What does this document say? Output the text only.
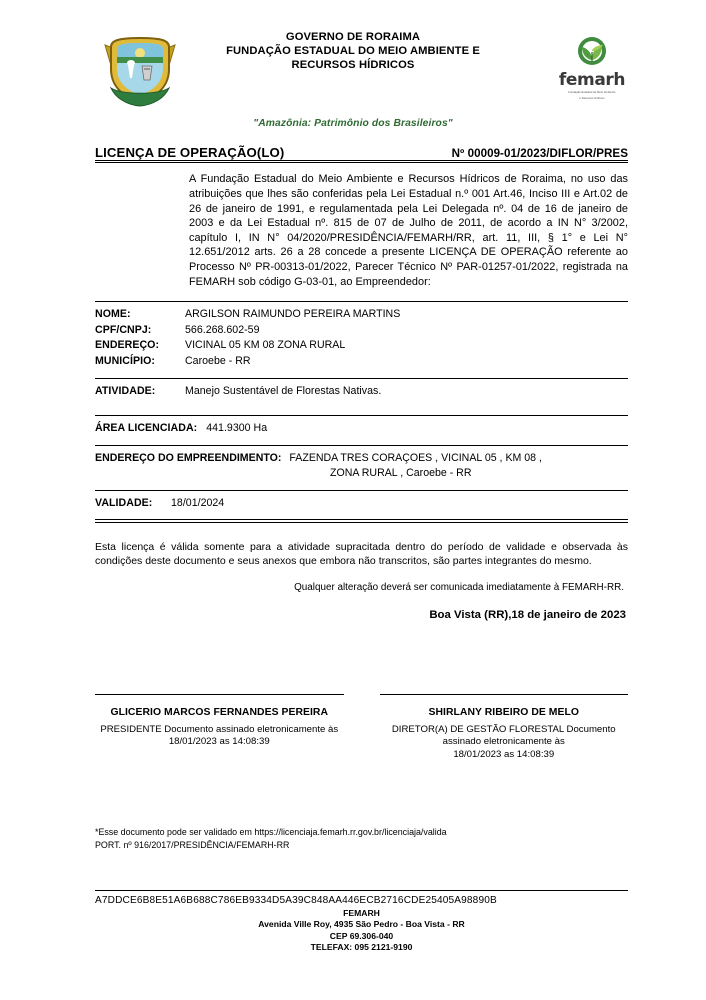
GOVERNO DE RORAIMA
FUNDAÇÃO ESTADUAL DO MEIO AMBIENTE E
RECURSOS HÍDRICOS
femarh
Fundação Estadual do Meio Ambiente
e Recursos Hídricos
"Amazônia: Patrimônio dos Brasileiros"
LICENÇA DE OPERAÇÃO(LO)	Nº 00009-01/2023/DIFLOR/PRES
A Fundação Estadual do Meio Ambiente e Recursos Hídricos de Roraima, no uso das atribuições que lhes são conferidas pela Lei Estadual n.º 001 Art.46, Inciso III e Art.02 de 26 de janeiro de 1991, e regulamentada pela Lei Delegada nº. 04 de 16 de janeiro de 2003 e da Lei Estadual nº. 815 de 07 de Julho de 2011, de acordo a IN N° 3/2002, capítulo I, IN N° 04/2020/PRESIDÊNCIA/FEMARH/RR, art. 11, III, § 1° e Lei N° 12.651/2012 arts. 26 a 28 concede a presente LICENÇA DE OPERAÇÃO referente ao Processo Nº PR-00313-01/2022, Parecer Técnico Nº PAR-01257-01/2022, registrada na FEMARH sob código G-03-01, ao Empreendedor:
NOME:	ARGILSON RAIMUNDO PEREIRA MARTINS
CPF/CNPJ:	566.268.602-59
ENDEREÇO:	VICINAL 05 KM 08 ZONA RURAL
MUNICÍPIO:	Caroebe - RR
ATIVIDADE:	Manejo Sustentável de Florestas Nativas.
ÁREA LICENCIADA: 441.9300 Ha
ENDEREÇO DO EMPREENDIMENTO: FAZENDA TRES CORAÇOES , VICINAL 05 , KM 08 ,
ZONA RURAL , Caroebe - RR
VALIDADE:	18/01/2024
Esta licença é válida somente para a atividade supracitada dentro do período de validade e observada às condições deste documento e seus anexos que embora não transcritos, são partes integrantes do mesmo.
Qualquer alteração deverá ser comunicada imediatamente à FEMARH-RR.
Boa Vista (RR),18 de janeiro de 2023
GLICERIO MARCOS FERNANDES PEREIRA
PRESIDENTE Documento assinado eletronicamente às
18/01/2023 as 14:08:39
SHIRLANY RIBEIRO DE MELO
DIRETOR(A) DE GESTÃO FLORESTAL Documento assinado eletronicamente às
18/01/2023 as 14:08:39
*Esse documento pode ser validado em https://licenciaja.femarh.rr.gov.br/licenciaja/valida
PORT. nº 916/2017/PRESIDÊNCIA/FEMARH-RR
A7DDCE6B8E51A6B688C786EB9334D5A39C848AA446ECB2716CDE25405A98890B
FEMARH
Avenida Ville Roy, 4935 São Pedro - Boa Vista - RR
CEP 69.306-040
TELEFAX: 095 2121-9190
